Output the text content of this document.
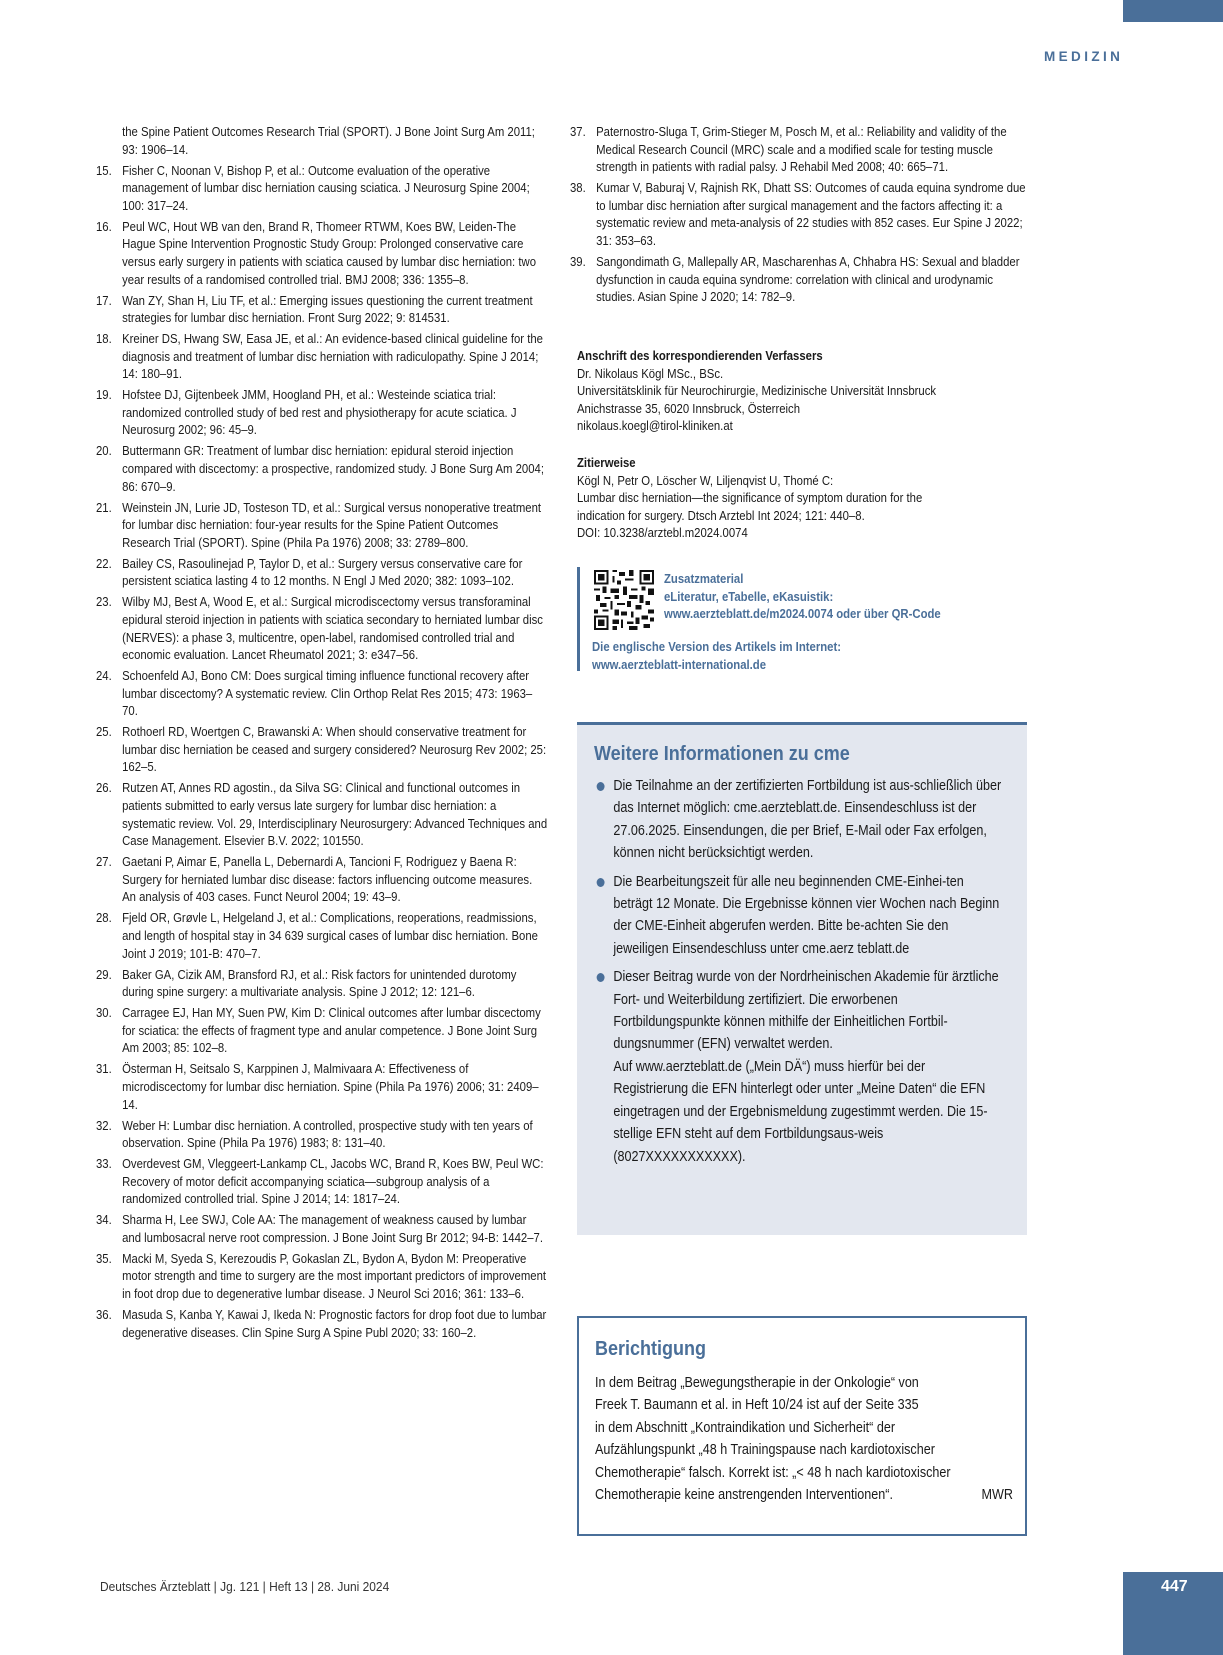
MEDIZIN
the Spine Patient Outcomes Research Trial (SPORT). J Bone Joint Surg Am 2011; 93: 1906–14.
15. Fisher C, Noonan V, Bishop P, et al.: Outcome evaluation of the operative management of lumbar disc herniation causing sciatica. J Neurosurg Spine 2004; 100: 317–24.
16. Peul WC, Hout WB van den, Brand R, Thomeer RTWM, Koes BW, Leiden-The Hague Spine Intervention Prognostic Study Group: Prolonged conservative care versus early surgery in patients with sciatica caused by lumbar disc herniation: two year results of a randomised controlled trial. BMJ 2008; 336: 1355–8.
17. Wan ZY, Shan H, Liu TF, et al.: Emerging issues questioning the current treatment strategies for lumbar disc herniation. Front Surg 2022; 9: 814531.
18. Kreiner DS, Hwang SW, Easa JE, et al.: An evidence-based clinical guideline for the diagnosis and treatment of lumbar disc herniation with radiculopathy. Spine J 2014; 14: 180–91.
19. Hofstee DJ, Gijtenbeek JMM, Hoogland PH, et al.: Westeinde sciatica trial: randomized controlled study of bed rest and physiotherapy for acute sciatica. J Neurosurg 2002; 96: 45–9.
20. Buttermann GR: Treatment of lumbar disc herniation: epidural steroid injection compared with discectomy: a prospective, randomized study. J Bone Surg Am 2004; 86: 670–9.
21. Weinstein JN, Lurie JD, Tosteson TD, et al.: Surgical versus nonoperative treatment for lumbar disc herniation: four-year results for the Spine Patient Outcomes Research Trial (SPORT). Spine (Phila Pa 1976) 2008; 33: 2789–800.
22. Bailey CS, Rasoulinejad P, Taylor D, et al.: Surgery versus conservative care for persistent sciatica lasting 4 to 12 months. N Engl J Med 2020; 382: 1093–102.
23. Wilby MJ, Best A, Wood E, et al.: Surgical microdiscectomy versus transforaminal epidural steroid injection in patients with sciatica secondary to herniated lumbar disc (NERVES): a phase 3, multicentre, open-label, randomised controlled trial and economic evaluation. Lancet Rheumatol 2021; 3: e347–56.
24. Schoenfeld AJ, Bono CM: Does surgical timing influence functional recovery after lumbar discectomy? A systematic review. Clin Orthop Relat Res 2015; 473: 1963–70.
25. Rothoerl RD, Woertgen C, Brawanski A: When should conservative treatment for lumbar disc herniation be ceased and surgery considered? Neurosurg Rev 2002; 25: 162–5.
26. Rutzen AT, Annes RD agostin., da Silva SG: Clinical and functional outcomes in patients submitted to early versus late surgery for lumbar disc herniation: a systematic review. Vol. 29, Interdisciplinary Neurosurgery: Advanced Techniques and Case Management. Elsevier B.V. 2022; 101550.
27. Gaetani P, Aimar E, Panella L, Debernardi A, Tancioni F, Rodriguez y Baena R: Surgery for herniated lumbar disc disease: factors influencing outcome measures. An analysis of 403 cases. Funct Neurol 2004; 19: 43–9.
28. Fjeld OR, Grøvle L, Helgeland J, et al.: Complications, reoperations, readmissions, and length of hospital stay in 34 639 surgical cases of lumbar disc herniation. Bone Joint J 2019; 101-B: 470–7.
29. Baker GA, Cizik AM, Bransford RJ, et al.: Risk factors for unintended durotomy during spine surgery: a multivariate analysis. Spine J 2012; 12: 121–6.
30. Carragee EJ, Han MY, Suen PW, Kim D: Clinical outcomes after lumbar discectomy for sciatica: the effects of fragment type and anular competence. J Bone Joint Surg Am 2003; 85: 102–8.
31. Österman H, Seitsalo S, Karppinen J, Malmivaara A: Effectiveness of microdiscectomy for lumbar disc herniation. Spine (Phila Pa 1976) 2006; 31: 2409–14.
32. Weber H: Lumbar disc herniation. A controlled, prospective study with ten years of observation. Spine (Phila Pa 1976) 1983; 8: 131–40.
33. Overdevest GM, Vleggeert-Lankamp CL, Jacobs WC, Brand R, Koes BW, Peul WC: Recovery of motor deficit accompanying sciatica—subgroup analysis of a randomized controlled trial. Spine J 2014; 14: 1817–24.
34. Sharma H, Lee SWJ, Cole AA: The management of weakness caused by lumbar and lumbosacral nerve root compression. J Bone Joint Surg Br 2012; 94-B: 1442–7.
35. Macki M, Syeda S, Kerezoudis P, Gokaslan ZL, Bydon A, Bydon M: Preoperative motor strength and time to surgery are the most important predictors of improvement in foot drop due to degenerative lumbar disease. J Neurol Sci 2016; 361: 133–6.
36. Masuda S, Kanba Y, Kawai J, Ikeda N: Prognostic factors for drop foot due to lumbar degenerative diseases. Clin Spine Surg A Spine Publ 2020; 33: 160–2.
37. Paternostro-Sluga T, Grim-Stieger M, Posch M, et al.: Reliability and validity of the Medical Research Council (MRC) scale and a modified scale for testing muscle strength in patients with radial palsy. J Rehabil Med 2008; 40: 665–71.
38. Kumar V, Baburaj V, Rajnish RK, Dhatt SS: Outcomes of cauda equina syndrome due to lumbar disc herniation after surgical management and the factors affecting it: a systematic review and meta-analysis of 22 studies with 852 cases. Eur Spine J 2022; 31: 353–63.
39. Sangondimath G, Mallepally AR, Mascharenhas A, Chhabra HS: Sexual and bladder dysfunction in cauda equina syndrome: correlation with clinical and urodynamic studies. Asian Spine J 2020; 14: 782–9.
Anschrift des korrespondierenden Verfassers
Dr. Nikolaus Kögl MSc., BSc.
Universitätsklinik für Neurochirurgie, Medizinische Universität Innsbruck
Anichstrasse 35, 6020 Innsbruck, Österreich
nikolaus.koegl@tirol-kliniken.at
Zitierweise
Kögl N, Petr O, Löscher W, Liljenqvist U, Thomé C:
Lumbar disc herniation—the significance of symptom duration for the
indication for surgery. Dtsch Arztebl Int 2024; 121: 440–8.
DOI: 10.3238/arztebl.m2024.0074
Zusatzmaterial
eLiteratur, eTabelle, eKasuistik:
www.aerzteblatt.de/m2024.0074 oder über QR-Code
Die englische Version des Artikels im Internet:
www.aerzteblatt-international.de
Weitere Informationen zu cme

Die Teilnahme an der zertifizierten Fortbildung ist aus-schließlich über das Internet möglich: cme.aerzteblatt.de. Einsendeschluss ist der 27.06.2025. Einsendungen, die per Brief, E-Mail oder Fax erfolgen, können nicht berücksichtigt werden.

Die Bearbeitungszeit für alle neu beginnenden CME-Einhei-ten beträgt 12 Monate. Die Ergebnisse können vier Wochen nach Beginn der CME-Einheit abgerufen werden. Bitte be-achten Sie den jeweiligen Einsendeschluss unter cme.aerz teblatt.de

Dieser Beitrag wurde von der Nordrheinischen Akademie für ärztliche Fort- und Weiterbildung zertifiziert. Die erworbenen Fortbildungspunkte können mithilfe der Einheitlichen Fortbil-dungsnummer (EFN) verwaltet werden.

Auf www.aerzteblatt.de („Mein DÄ“) muss hierfür bei der Registrierung die EFN hinterlegt oder unter „Meine Daten“ die EFN eingetragen und der Ergebnismeldung zugestimmt werden. Die 15-stellige EFN steht auf dem Fortbildungsaus-weis (8027XXXXXXXXXXX).

Berichtigung
In dem Beitrag „Bewegungstherapie in der Onkologie“ von
Freek T. Baumann et al. in Heft 10/24 ist auf der Seite 335
in dem Abschnitt „Kontraindikation und Sicherheit“ der
Aufzählungspunkt „48 h Trainingspause nach kardiotoxischer
Chemotherapie“ falsch. Korrekt ist: „< 48 h nach kardiotoxischer
Chemotherapie keine anstrengenden Interventionen“.	MWR
Deutsches Ärzteblatt | Jg. 121 | Heft 13 | 28. Juni 2024	447
